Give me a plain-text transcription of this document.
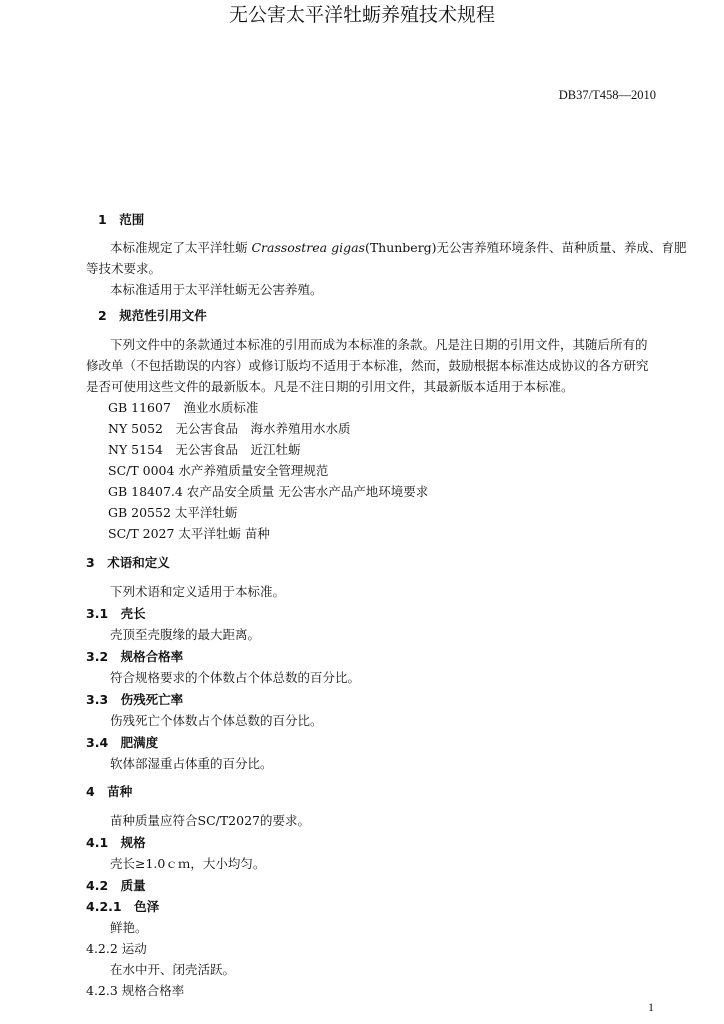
DB37/T458—2010
无公害太平洋牡蛎养殖技术规程
1　范围
本标准规定了太平洋牡蛎 Crassostrea gigas(Thunberg)无公害养殖环境条件、苗种质量、养成、育肥
等技术要求。
本标准适用于太平洋牡蛎无公害养殖。
2　规范性引用文件
下列文件中的条款通过本标准的引用而成为本标准的条款。凡是注日期的引用文件，其随后所有的
修改单（不包括勘误的内容）或修订版均不适用于本标准，然而，鼓励根据本标准达成协议的各方研究
是否可使用这些文件的最新版本。凡是不注日期的引用文件，其最新版本适用于本标准。
GB 11607　渔业水质标准
NY 5052　无公害食品　海水养殖用水水质
NY 5154　无公害食品　近江牡蛎
SC/T 0004 水产养殖质量安全管理规范
GB 18407.4 农产品安全质量 无公害水产品产地环境要求
GB 20552 太平洋牡蛎
SC/T 2027 太平洋牡蛎 苗种
3　术语和定义
下列术语和定义适用于本标准。
3.1　壳长
壳顶至壳腹缘的最大距离。
3.2　规格合格率
符合规格要求的个体数占个体总数的百分比。
3.3　伤残死亡率
伤残死亡个体数占个体总数的百分比。
3.4　肥满度
软体部湿重占体重的百分比。
4　苗种
苗种质量应符合SC/T2027的要求。
4.1　规格
壳长≥1.0ｃｍ，大小均匀。
4.2　质量
4.2.1　色泽
鲜艳。
4.2.2 运动
在水中开、闭壳活跃。
4.2.3 规格合格率
1
